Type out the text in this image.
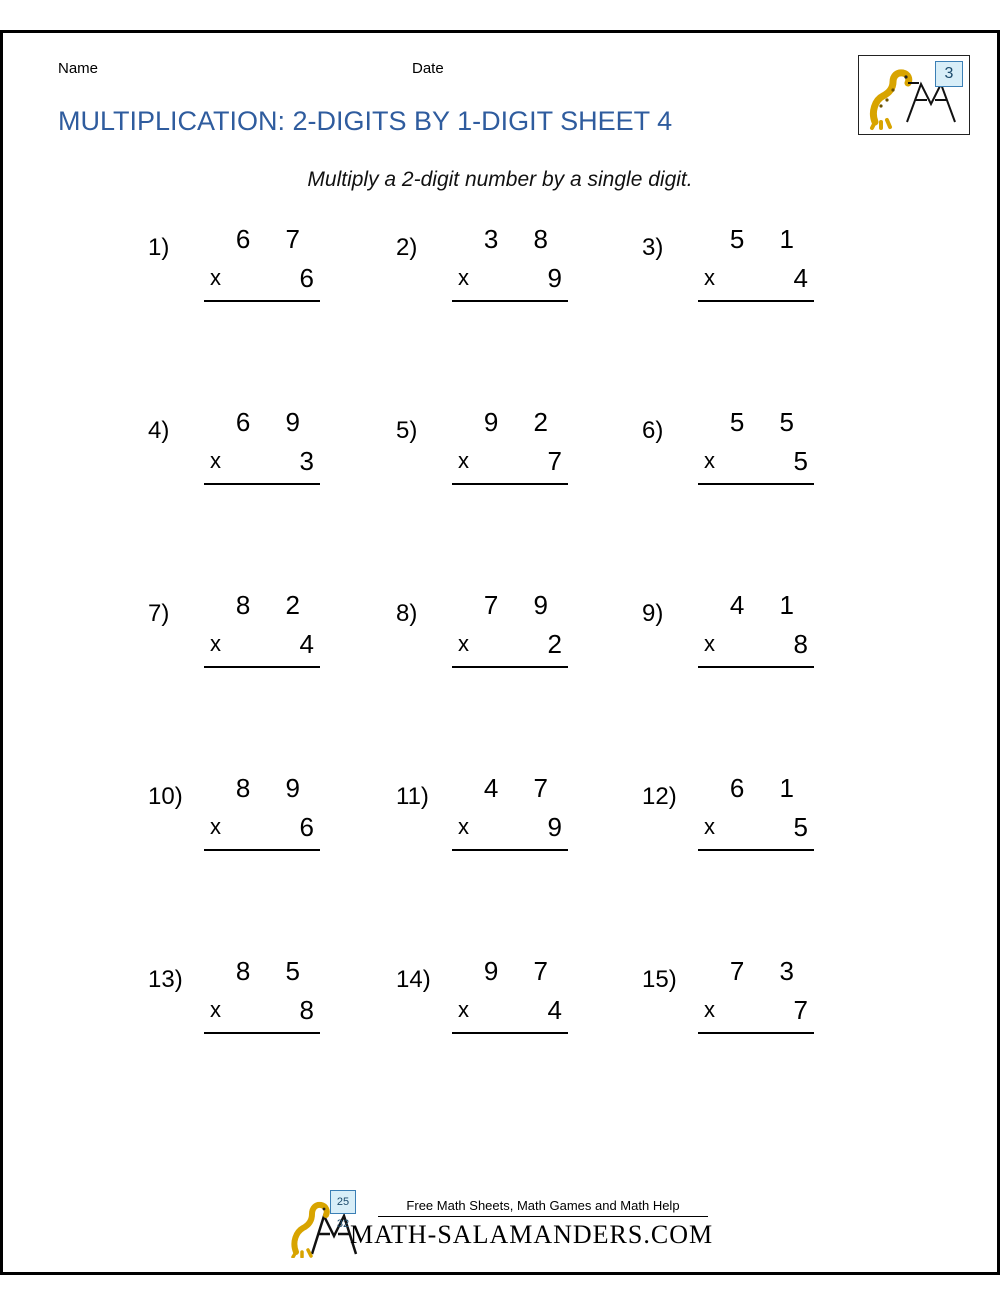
Name	Date
MULTIPLICATION: 2-DIGITS BY 1-DIGIT SHEET 4
Multiply a 2-digit number by a single digit.
3
1)	6 7
x	6
2)	3 8
x	9
3)	5 1
x	4
4)	6 9
x	3
5)	9 2
x	7
6)	5 5
x	5
7)	8 2
x	4
8)	7 9
x	2
9)	4 1
x	8
10)	8 9
x	6
11)	4 7
x	9
12)	6 1
x	5
13)	8 5
x	8
14)	9 7
x	4
15)	7 3
x	7
25 32
Free Math Sheets, Math Games and Math Help
MATH-SALAMANDERS.COM
